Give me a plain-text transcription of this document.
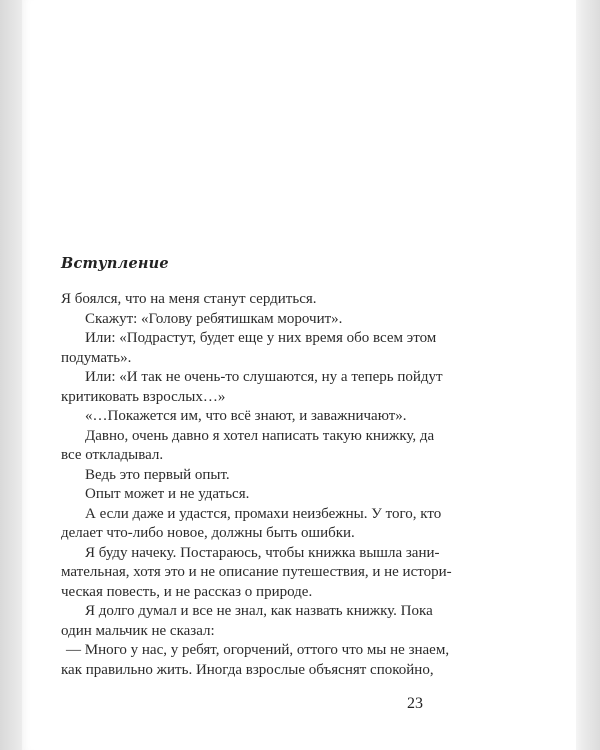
Вступление

Я боялся, что на меня станут сердиться.

Скажут: «Голову ребятишкам морочит».

Или: «Подрастут, будет еще у них время обо всем этом

подумать».

Или: «И так не очень-то слушаются, ну а теперь пойдут

критиковать взрослых…»

«…Покажется им, что всё знают, и заважничают».

Давно, очень давно я хотел написать такую книжку, да

все откладывал.

Ведь это первый опыт.

Опыт может и не удаться.

А если даже и удастся, промахи неизбежны. У того, кто

делает что-либо новое, должны быть ошибки.

Я буду начеку. Постараюсь, чтобы книжка вышла зани-

мательная, хотя это и не описание путешествия, и не истори-

ческая повесть, и не рассказ о природе.

Я долго думал и все не знал, как назвать книжку. Пока

один мальчик не сказал:

— Много у нас, у ребят, огорчений, оттого что мы не знаем,

как правильно жить. Иногда взрослые объяснят спокойно,

23
